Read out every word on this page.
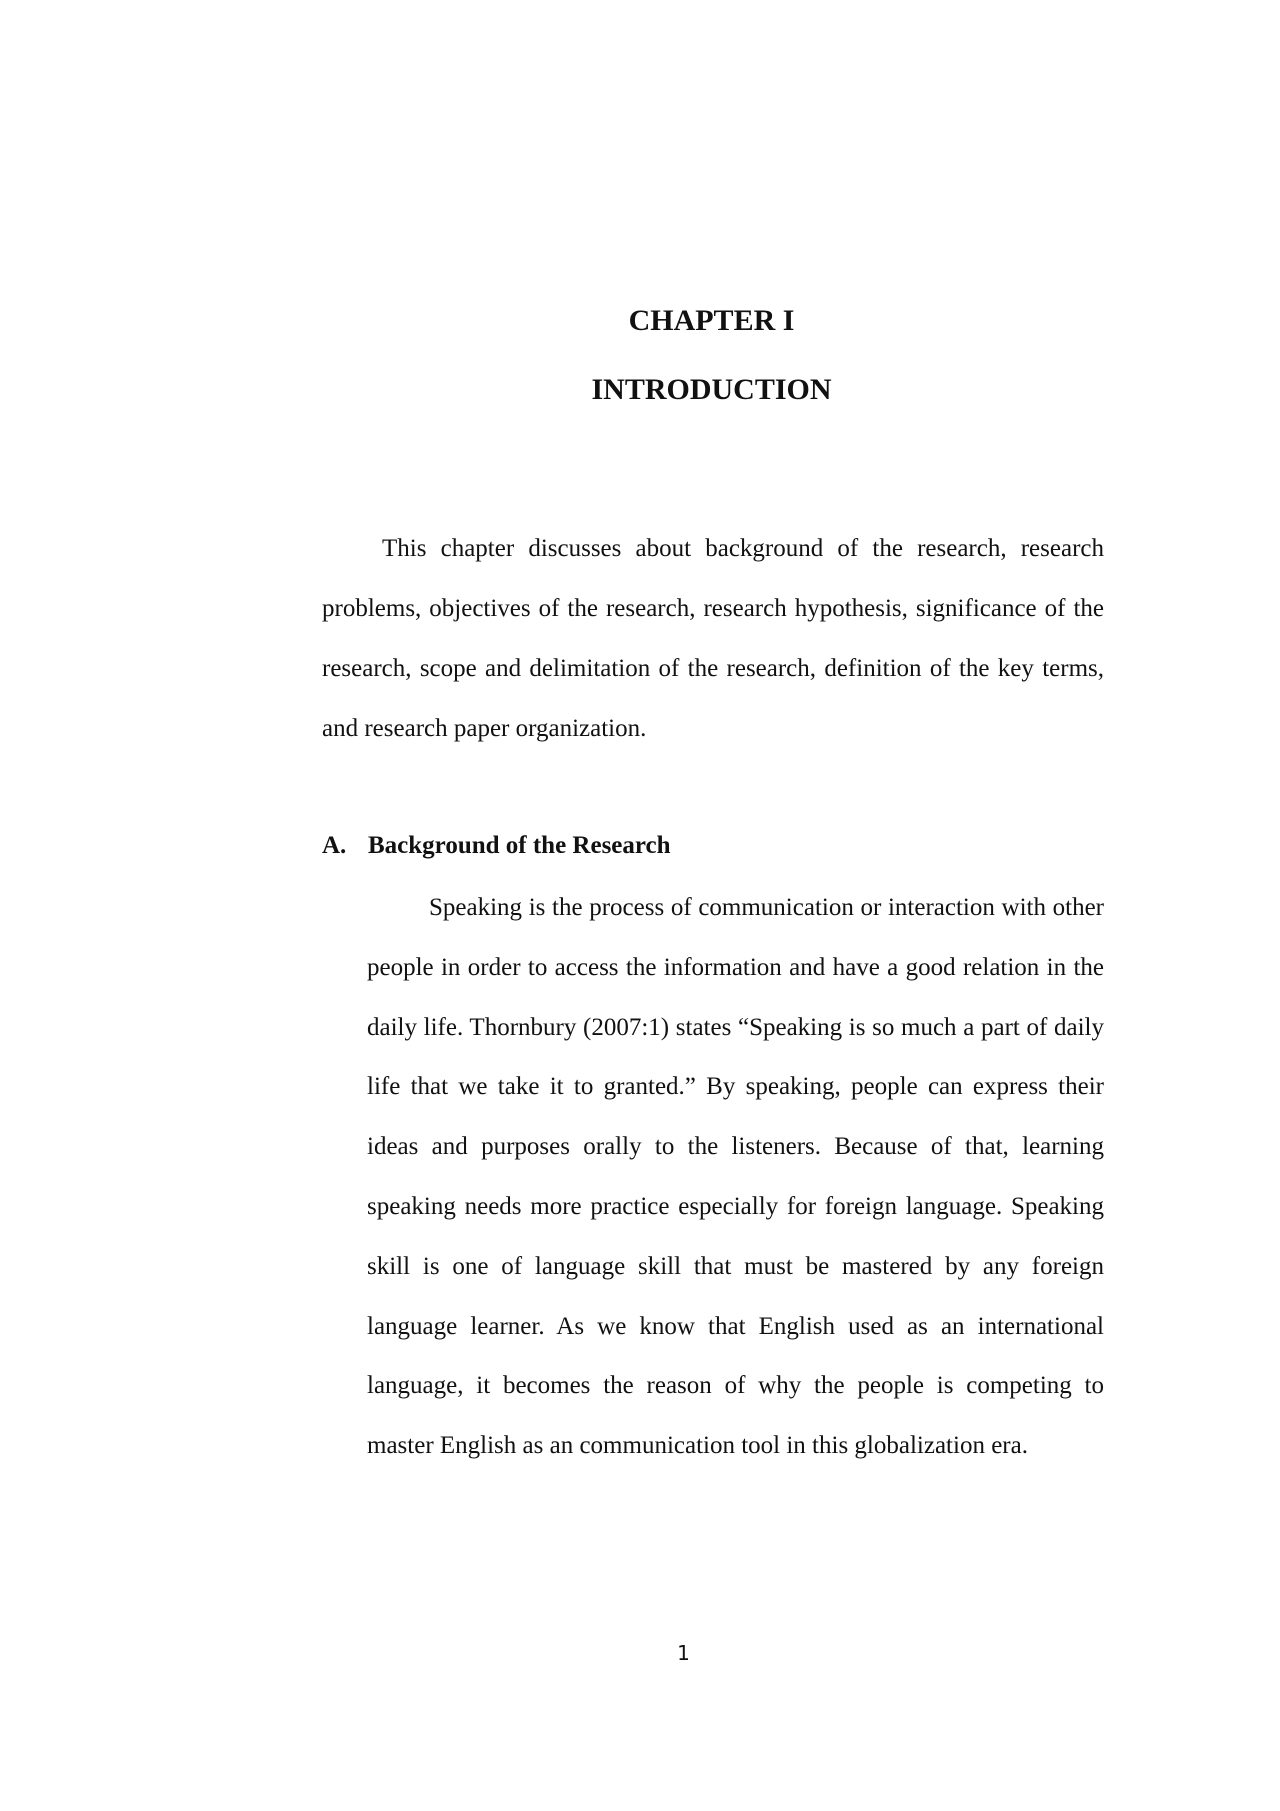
CHAPTER I
INTRODUCTION

This chapter discusses about background of the research, research problems, objectives of the research, research hypothesis, significance of the research, scope and delimitation of the research, definition of the key terms, and research paper organization.

A. Background of the Research

Speaking is the process of communication or interaction with other people in order to access the information and have a good relation in the daily life. Thornbury (2007:1) states “Speaking is so much a part of daily life that we take it to granted.” By speaking, people can express their ideas and purposes orally to the listeners. Because of that, learning speaking needs more practice especially for foreign language. Speaking skill is one of language skill that must be mastered by any foreign language learner. As we know that English used as an international language, it becomes the reason of why the people is competing to master English as an communication tool in this globalization era.

1
